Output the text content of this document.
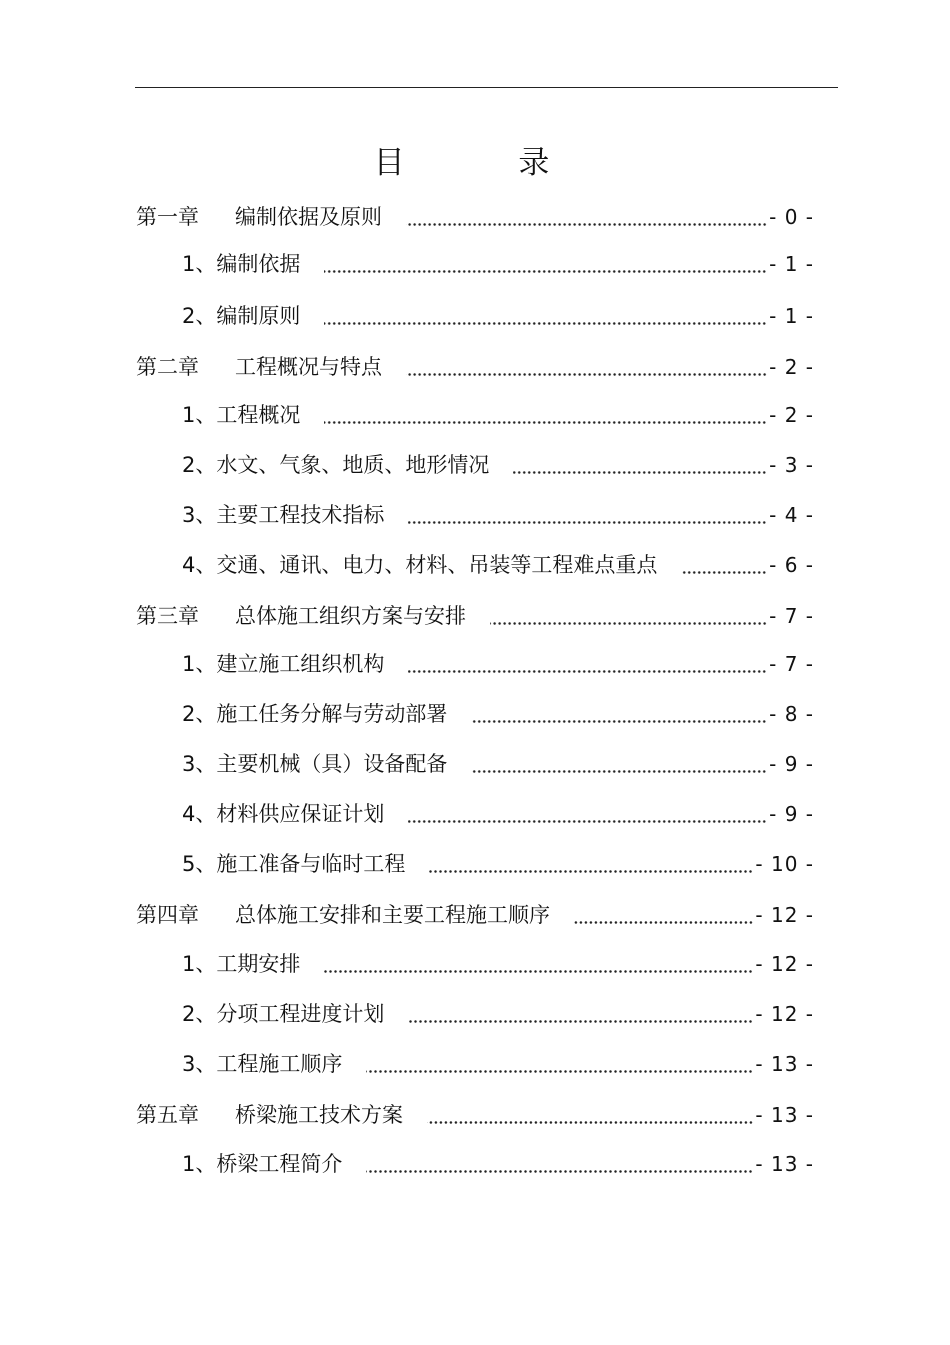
目 录
第一章 编制依据及原则	- 0 -
1、 编制依据	- 1 -
2、 编制原则	- 1 -
第二章 工程概况与特点	- 2 -
1、 工程概况	- 2 -
2、 水文、气象、地质、地形情况	- 3 -
3、 主要工程技术指标	- 4 -
4、 交通、通讯、电力、材料、吊装等工程难点重点	- 6 -
第三章 总体施工组织方案与安排	- 7 -
1、 建立施工组织机构	- 7 -
2、 施工任务分解与劳动部署	- 8 -
3、 主要机械（具）设备配备	- 9 -
4、 材料供应保证计划	- 9 -
5、 施工准备与临时工程	- 10 -
第四章 总体施工安排和主要工程施工顺序	- 12 -
1、 工期安排	- 12 -
2、 分项工程进度计划	- 12 -
3、 工程施工顺序	- 13 -
第五章 桥梁施工技术方案	- 13 -
1、 桥梁工程简介	- 13 -
